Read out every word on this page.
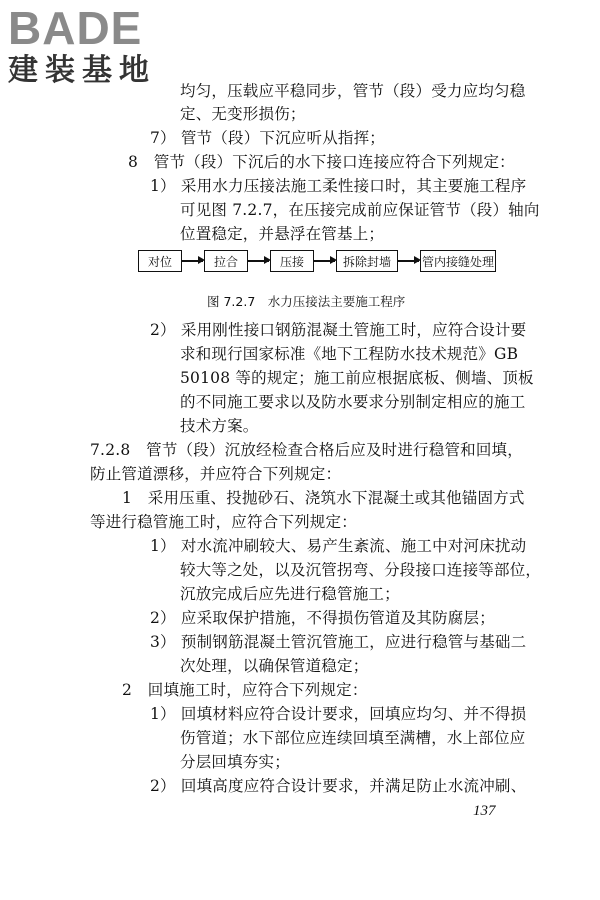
BADE
建装基地
均匀，压载应平稳同步，管节（段）受力应均匀稳
定、无变形损伤；
7） 管节（段）下沉应听从指挥；
8　管节（段）下沉后的水下接口连接应符合下列规定：
1） 采用水力压接法施工柔性接口时，其主要施工程序
可见图 7.2.7，在压接完成前应保证管节（段）轴向
位置稳定，并悬浮在管基上；
对位	拉合	压接	拆除封墙	管内接缝处理
图 7.2.7　水力压接法主要施工程序
2） 采用刚性接口钢筋混凝土管施工时，应符合设计要
求和现行国家标准《地下工程防水技术规范》GB
50108 等的规定；施工前应根据底板、侧墙、顶板
的不同施工要求以及防水要求分别制定相应的施工
技术方案。
7.2.8　管节（段）沉放经检查合格后应及时进行稳管和回填，
防止管道漂移，并应符合下列规定：
1　采用压重、投抛砂石、浇筑水下混凝土或其他锚固方式
等进行稳管施工时，应符合下列规定：
1） 对水流冲刷较大、易产生紊流、施工中对河床扰动
较大等之处，以及沉管拐弯、分段接口连接等部位，
沉放完成后应先进行稳管施工；
2） 应采取保护措施，不得损伤管道及其防腐层；
3） 预制钢筋混凝土管沉管施工，应进行稳管与基础二
次处理，以确保管道稳定；
2　回填施工时，应符合下列规定：
1） 回填材料应符合设计要求，回填应均匀、并不得损
伤管道；水下部位应连续回填至满槽，水上部位应
分层回填夯实；
2） 回填高度应符合设计要求，并满足防止水流冲刷、
137
